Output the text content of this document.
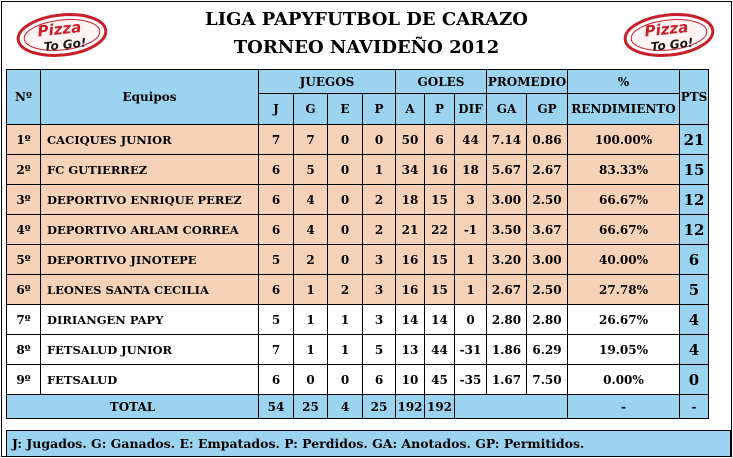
Pizza
To Go!
LIGA PAPYFUTBOL DE CARAZO
TORNEO NAVIDEÑO 2012
Pizza
To Go!
Nº	Equipos	JUEGOS				GOLES			PROMEDIO		%	PTS
		J	G	E	P	A	P	DIF	GA	GP	RENDIMIENTO	
1º	CACIQUES JUNIOR	7	7	0	0	50	6	44	7.14	0.86	100.00%	21
2º	FC GUTIERREZ	6	5	0	1	34	16	18	5.67	2.67	83.33%	15
3º	DEPORTIVO ENRIQUE PEREZ	6	4	0	2	18	15	3	3.00	2.50	66.67%	12
4º	DEPORTIVO ARLAM CORREA	6	4	0	2	21	22	-1	3.50	3.67	66.67%	12
5º	DEPORTIVO JINOTEPE	5	2	0	3	16	15	1	3.20	3.00	40.00%	6
6º	LEONES SANTA CECILIA	6	1	2	3	16	15	1	2.67	2.50	27.78%	5
7º	DIRIANGEN PAPY	5	1	1	3	14	14	0	2.80	2.80	26.67%	4
8º	FETSALUD JUNIOR	7	1	1	5	13	44	-31	1.86	6.29	19.05%	4
9º	FETSALUD	6	0	0	6	10	45	-35	1.67	7.50	0.00%	0
TOTAL		54	25	4	25	192	192				-	-
J: Jugados. G: Ganados. E: Empatados. P: Perdidos. GA: Anotados. GP: Permitidos.
